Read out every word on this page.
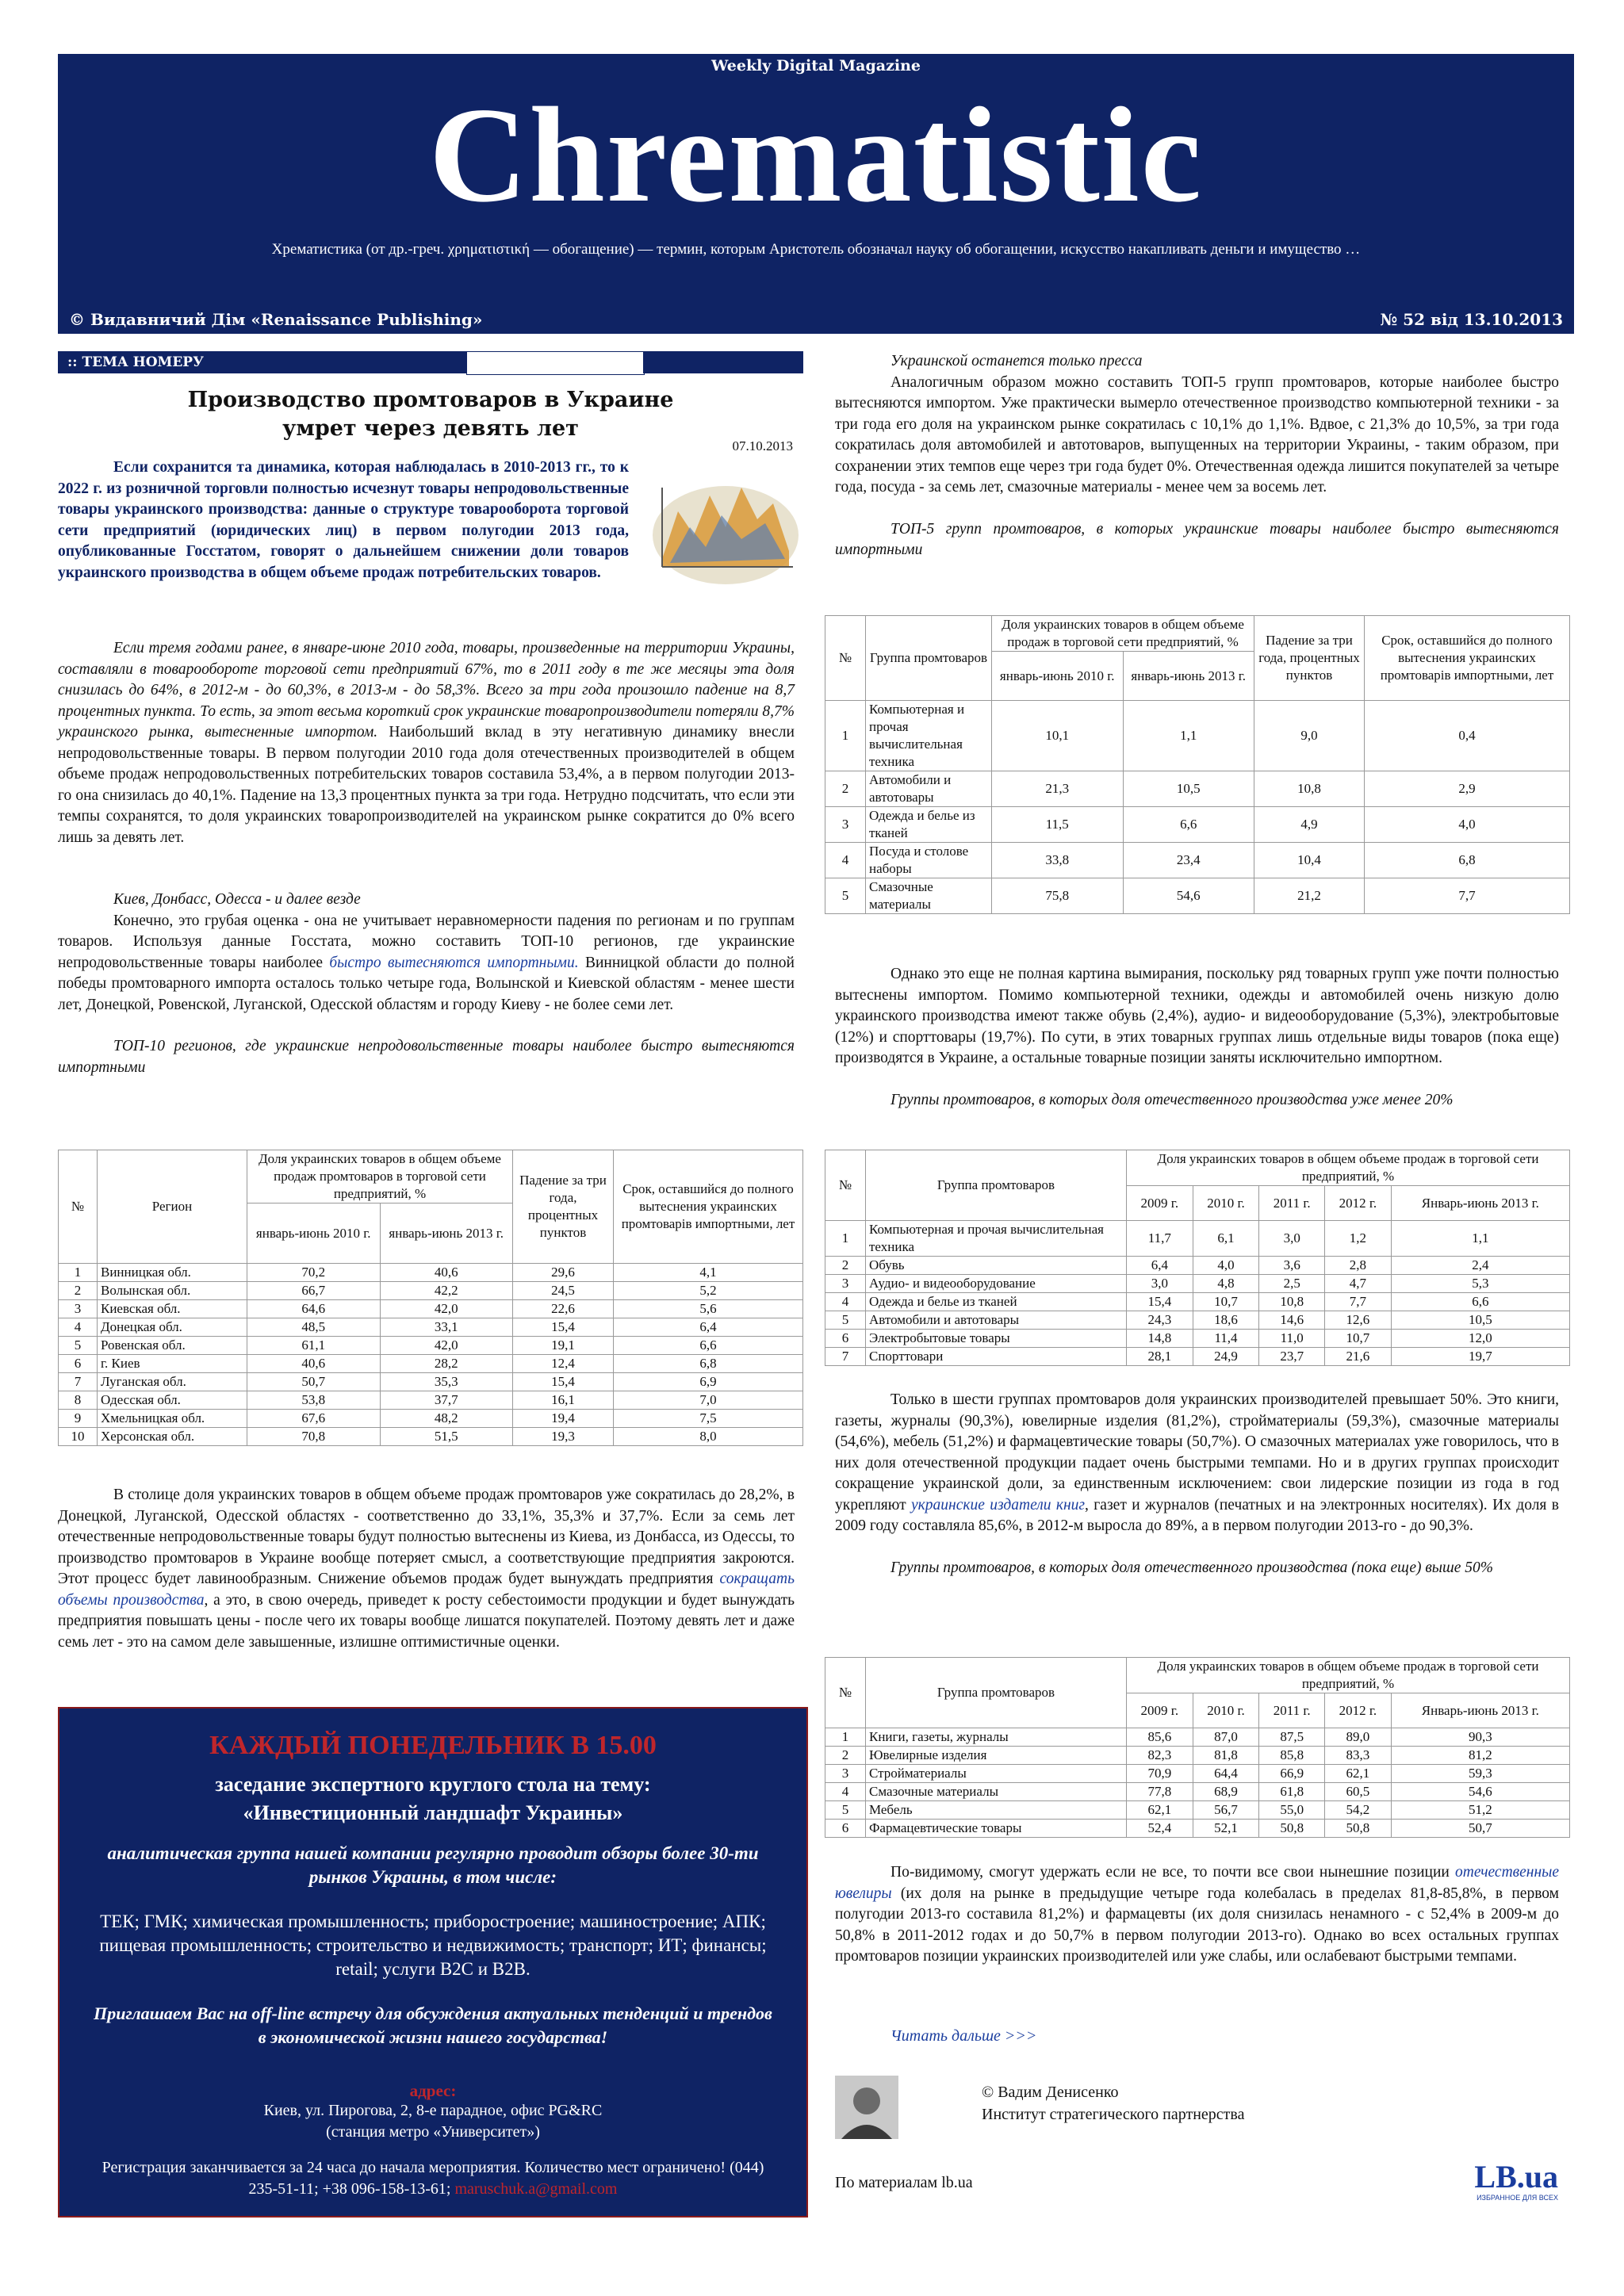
Weekly Digital Magazine
Chrematistic
Хрематистика (от др.-греч. χρηματιστική — обогащение) — термин, которым Аристотель обозначал науку об обогащении, искусство накапливать деньги и имущество …
© Видавничий Дім «Renaissance Publishing»	№ 52 від 13.10.2013
:: ТЕМА НОМЕРУ
Производство промтоваров в Украине
умрет через девять лет
07.10.2013
Если сохранится та динамика, которая наблюдалась в 2010-2013 гг., то к 2022 г. из розничной торговли полностью исчезнут товары непродовольственные товары украинского производства: данные о структуре товарооборота торговой сети предприятий (юридических лиц) в первом полугодии 2013 года, опубликованные Госстатом, говорят о дальнейшем снижении доли товаров украинского производства в общем объеме продаж потребительских товаров.

Если тремя годами ранее, в январе-июне 2010 года, товары, произведенные на территории Украины, составляли в товарообороте торговой сети предприятий 67%, то в 2011 году в те же месяцы эта доля снизилась до 64%, в 2012-м - до 60,3%, в 2013-м - до 58,3%. Всего за три года произошло падение на 8,7 процентных пункта. То есть, за этот весьма короткий срок украинские товаропроизводители потеряли 8,7% украинского рынка, вытесненные импортом. Наибольший вклад в эту негативную динамику внесли непродовольственные товары. В первом полугодии 2010 года доля отечественных производителей в общем объеме продаж непродовольственных потребительских товаров составила 53,4%, а в первом полугодии 2013-го она снизилась до 40,1%. Падение на 13,3 процентных пункта за три года. Нетрудно подсчитать, что если эти темпы сохранятся, то доля украинских товаропроизводителей на украинском рынке сократится до 0% всего лишь за девять лет.

Киев, Донбасс, Одесса - и далее везде

Конечно, это грубая оценка - она не учитывает неравномерности падения по регионам и по группам товаров. Используя данные Госстата, можно составить ТОП-10 регионов, где украинские непродовольственные товары наиболее быстро вытесняются импортными. Винницкой области до полной победы промтоварного импорта осталось только четыре года, Волынской и Киевской областям - менее шести лет, Донецкой, Ровенской, Луганской, Одесской областям и городу Киеву - не более семи лет.

ТОП-10 регионов, где украинские непродовольственные товары наиболее быстро вытесняются импортными

№	Регион	Доля украинских товаров в общем объеме продаж промтоваров в торговой сети предприятий, %		Падение за три года, процентных пунктов	Срок, оставшийся до полного вытеснения украинских промтоварів импортными, лет
		январь-июнь 2010 г.	январь-июнь 2013 г.		
1	Винницкая обл.	70,2	40,6	29,6	4,1
2	Волынская обл.	66,7	42,2	24,5	5,2
3	Киевская обл.	64,6	42,0	22,6	5,6
4	Донецкая обл.	48,5	33,1	15,4	6,4
5	Ровенская обл.	61,1	42,0	19,1	6,6
6	г. Киев	40,6	28,2	12,4	6,8
7	Луганская обл.	50,7	35,3	15,4	6,9
8	Одесская обл.	53,8	37,7	16,1	7,0
9	Хмельницкая обл.	67,6	48,2	19,4	7,5
10	Херсонская обл.	70,8	51,5	19,3	8,0

В столице доля украинских товаров в общем объеме продаж промтоваров уже сократилась до 28,2%, в Донецкой, Луганской, Одесской областях - соответственно до 33,1%, 35,3% и 37,7%. Если за семь лет отечественные непродовольственные товары будут полностью вытеснены из Киева, из Донбасса, из Одессы, то производство промтоваров в Украине вообще потеряет смысл, а соответствующие предприятия закроются. Этот процесс будет лавинообразным. Снижение объемов продаж будет вынуждать предприятия сокращать объемы производства, а это, в свою очередь, приведет к росту себестоимости продукции и будет вынуждать предприятия повышать цены - после чего их товары вообще лишатся покупателей. Поэтому девять лет и даже семь лет - это на самом деле завышенные, излишне оптимистичные оценки.

КАЖДЫЙ ПОНЕДЕЛЬНИК В 15.00
заседание экспертного круглого стола на тему:
«Инвестиционный ландшафт Украины»
аналитическая группа нашей компании регулярно проводит обзоры более 30-ти рынков Украины, в том числе:
ТЕК; ГМК; химическая промышленность; приборостроение; машиностроение; АПК; пищевая промышленность; строительство и недвижимость; транспорт; ИТ; финансы; retail; услуги B2C и B2B.
Приглашаем Вас на off-line встречу для обсуждения актуальных тенденций и трендов в экономической жизни нашего государства!
адрес:
Киев, ул. Пирогова, 2, 8-е парадное, офис PG&RC
(станция метро «Университет»)
Регистрация заканчивается за 24 часа до начала мероприятия. Количество мест ограничено! (044) 235-51-11; +38 096-158-13-61; maruschuk.a@gmail.com

Украинской останется только пресса

Аналогичным образом можно составить ТОП-5 групп промтоваров, которые наиболее быстро вытесняются импортом. Уже практически вымерло отечественное производство компьютерной техники - за три года его доля на украинском рынке сократилась с 10,1% до 1,1%. Вдвое, с 21,3% до 10,5%, за три года сократилась доля автомобилей и автотоваров, выпущенных на территории Украины, - таким образом, при сохранении этих темпов еще через три года будет 0%. Отечественная одежда лишится покупателей за четыре года, посуда - за семь лет, смазочные материалы - менее чем за восемь лет.

ТОП-5 групп промтоваров, в которых украинские товары наиболее быстро вытесняются импортными

№	Группа промтоваров	Доля украинских товаров в общем объеме продаж в торговой сети предприятий, %		Падение за три года, процентных пунктов	Срок, оставшийся до полного вытеснения украинских промтоварів импортными, лет
		январь-июнь 2010 г.	январь-июнь 2013 г.		
1	Компьютерная и прочая вычислительная техника	10,1	1,1	9,0	0,4
2	Автомобили и автотовары	21,3	10,5	10,8	2,9
3	Одежда и белье из тканей	11,5	6,6	4,9	4,0
4	Посуда и столове наборы	33,8	23,4	10,4	6,8
5	Смазочные материалы	75,8	54,6	21,2	7,7

Однако это еще не полная картина вымирания, поскольку ряд товарных групп уже почти полностью вытеснены импортом. Помимо компьютерной техники, одежды и автомобилей очень низкую долю украинского производства имеют также обувь (2,4%), аудио- и видеооборудование (5,3%), электробытовые (12%) и спорттовары (19,7%). По сути, в этих товарных группах лишь отдельные виды товаров (пока еще) производятся в Украине, а остальные товарные позиции заняты исключительно импортном.

Группы промтоваров, в которых доля отечественного производства уже менее 20%

№	Группа промтоваров	Доля украинских товаров в общем объеме продаж в торговой сети предприятий, %				
		2009 г.	2010 г.	2011 г.	2012 г.	Январь-июнь 2013 г.
1	Компьютерная и прочая вычислительная техника	11,7	6,1	3,0	1,2	1,1
2	Обувь	6,4	4,0	3,6	2,8	2,4
3	Аудио- и видеооборудование	3,0	4,8	2,5	4,7	5,3
4	Одежда и белье из тканей	15,4	10,7	10,8	7,7	6,6
5	Автомобили и автотовары	24,3	18,6	14,6	12,6	10,5
6	Электробытовые товары	14,8	11,4	11,0	10,7	12,0
7	Спорттовари	28,1	24,9	23,7	21,6	19,7

Только в шести группах промтоваров доля украинских производителей превышает 50%. Это книги, газеты, журналы (90,3%), ювелирные изделия (81,2%), стройматериалы (59,3%), смазочные материалы (54,6%), мебель (51,2%) и фармацевтические товары (50,7%). О смазочных материалах уже говорилось, что в них доля отечественной продукции падает очень быстрыми темпами. Но и в других группах происходит сокращение украинской доли, за единственным исключением: свои лидерские позиции из года в год укрепляют украинские издатели книг, газет и журналов (печатных и на электронных носителях). Их доля в 2009 году составляла 85,6%, в 2012-м выросла до 89%, а в первом полугодии 2013-го - до 90,3%.

Группы промтоваров, в которых доля отечественного производства (пока еще) выше 50%

№	Группа промтоваров	Доля украинских товаров в общем объеме продаж в торговой сети предприятий, %				
		2009 г.	2010 г.	2011 г.	2012 г.	Январь-июнь 2013 г.
1	Книги, газеты, журналы	85,6	87,0	87,5	89,0	90,3
2	Ювелирные изделия	82,3	81,8	85,8	83,3	81,2
3	Стройматериалы	70,9	64,4	66,9	62,1	59,3
4	Смазочные материалы	77,8	68,9	61,8	60,5	54,6
5	Мебель	62,1	56,7	55,0	54,2	51,2
6	Фармацевтические товары	52,4	52,1	50,8	50,8	50,7

По-видимому, смогут удержать если не все, то почти все свои нынешние позиции отечественные ювелиры (их доля на рынке в предыдущие четыре года колебалась в пределах 81,8-85,8%, в первом полугодии 2013-го составила 81,2%) и фармацевты (их доля снизилась ненамного - с 52,4% в 2009-м до 50,8% в 2011-2012 годах и до 50,7% в первом полугодии 2013-го). Однако во всех остальных группах промтоваров позиции украинских производителей или уже слабы, или ослабевают быстрыми темпами.

Читать дальше >>>
© Вадим Денисенко
Институт стратегического партнерства
По материалам lb.ua	LB.ua
ИЗБРАННОЕ ДЛЯ ВСЕХ
